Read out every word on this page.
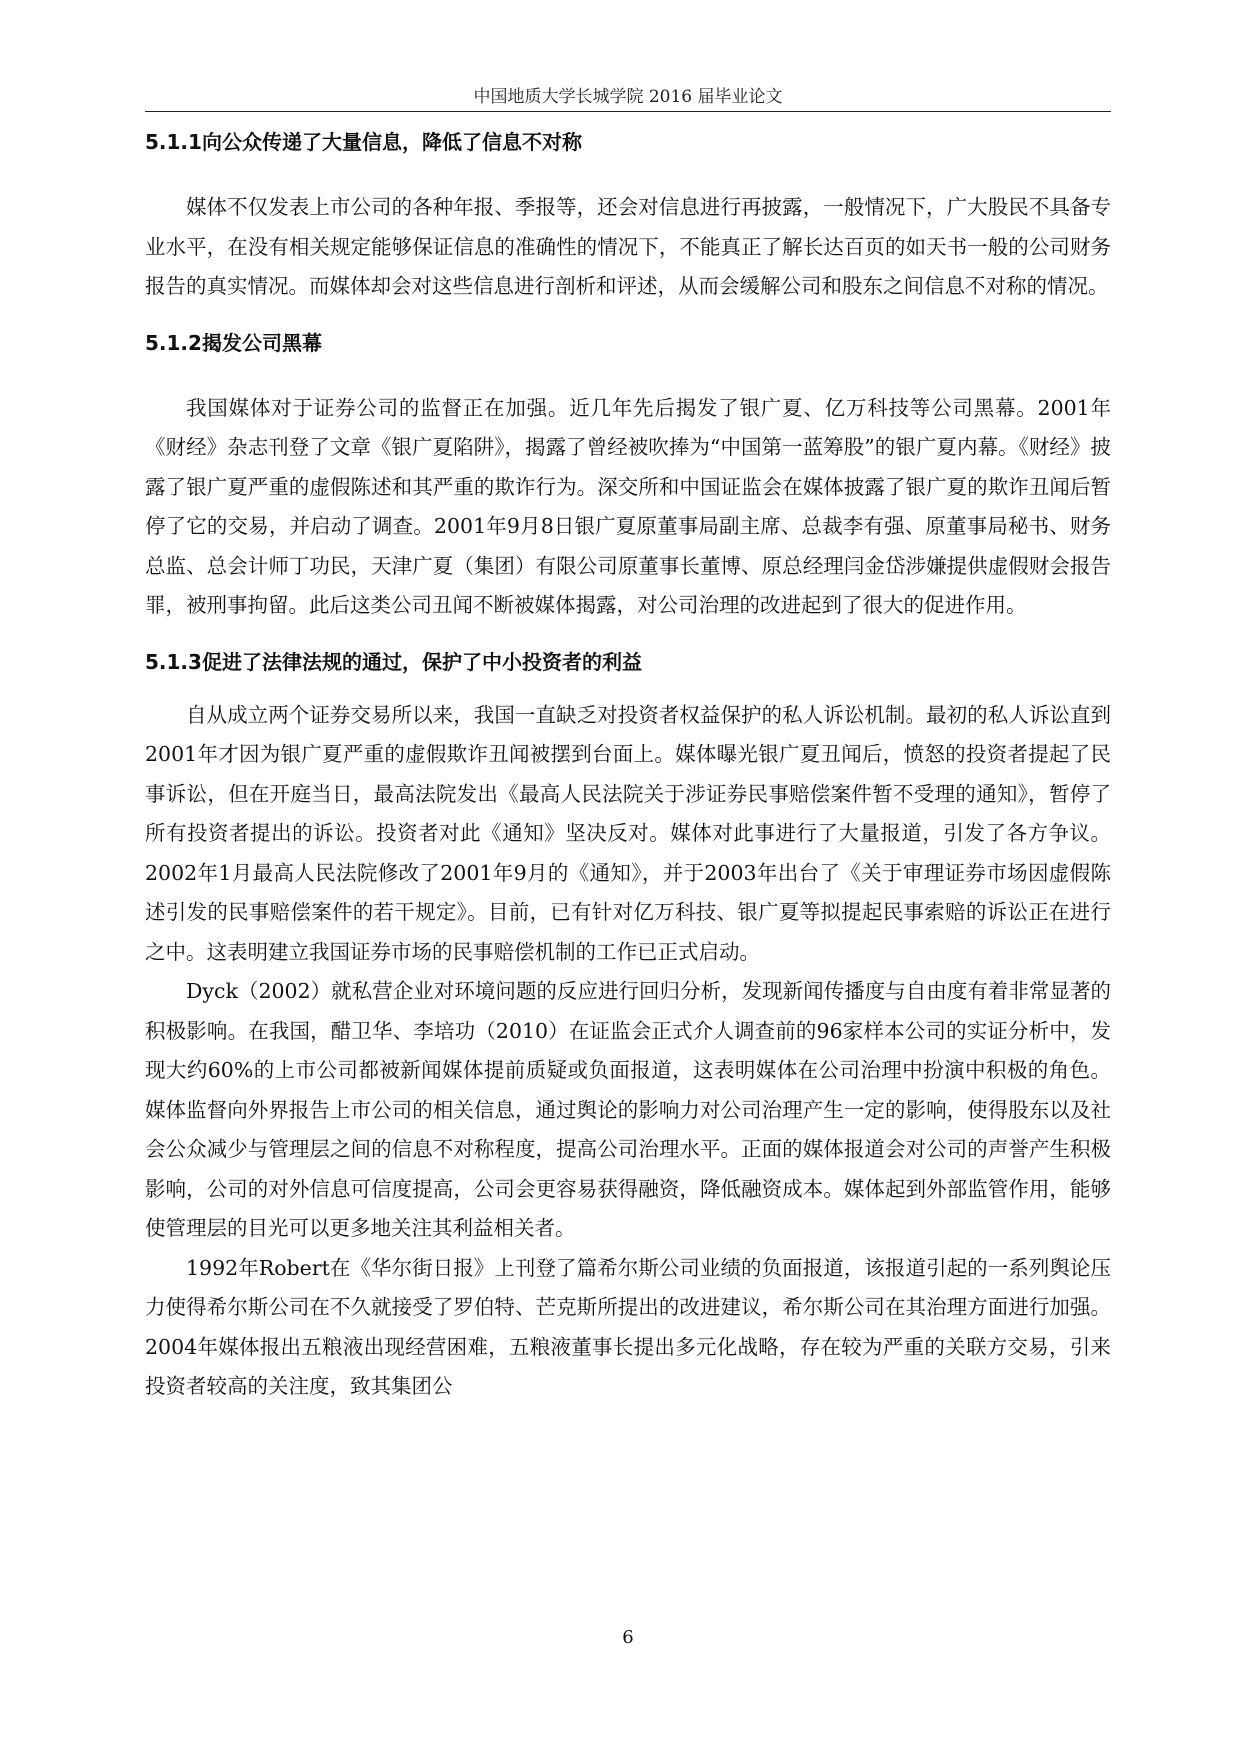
中国地质大学长城学院 2016 届毕业论文
5.1.1向公众传递了大量信息，降低了信息不对称

媒体不仅发表上市公司的各种年报、季报等，还会对信息进行再披露，一般情况下，广大股民不具备专业水平，在没有相关规定能够保证信息的准确性的情况下，不能真正了解长达百页的如天书一般的公司财务报告的真实情况。而媒体却会对这些信息进行剖析和评述，从而会缓解公司和股东之间信息不对称的情况。

5.1.2揭发公司黑幕

我国媒体对于证券公司的监督正在加强。近几年先后揭发了银广夏、亿万科技等公司黑幕。2001年《财经》杂志刊登了文章《银广夏陷阱》，揭露了曾经被吹捧为“中国第一蓝筹股”的银广夏内幕。《财经》披露了银广夏严重的虚假陈述和其严重的欺诈行为。深交所和中国证监会在媒体披露了银广夏的欺诈丑闻后暂停了它的交易，并启动了调查。2001年9月8日银广夏原董事局副主席、总裁李有强、原董事局秘书、财务总监、总会计师丁功民，天津广夏（集团）有限公司原董事长董博、原总经理闫金岱涉嫌提供虚假财会报告罪，被刑事拘留。此后这类公司丑闻不断被媒体揭露，对公司治理的改进起到了很大的促进作用。

5.1.3促进了法律法规的通过，保护了中小投资者的利益

自从成立两个证券交易所以来，我国一直缺乏对投资者权益保护的私人诉讼机制。最初的私人诉讼直到2001年才因为银广夏严重的虚假欺诈丑闻被摆到台面上。媒体曝光银广夏丑闻后，愤怒的投资者提起了民事诉讼，但在开庭当日，最高法院发出《最高人民法院关于涉证券民事赔偿案件暂不受理的通知》，暂停了所有投资者提出的诉讼。投资者对此《通知》坚决反对。媒体对此事进行了大量报道，引发了各方争议。2002年1月最高人民法院修改了2001年9月的《通知》，并于2003年出台了《关于审理证券市场因虚假陈述引发的民事赔偿案件的若干规定》。目前，已有针对亿万科技、银广夏等拟提起民事索赔的诉讼正在进行之中。这表明建立我国证券市场的民事赔偿机制的工作已正式启动。

Dyck（2002）就私营企业对环境问题的反应进行回归分析，发现新闻传播度与自由度有着非常显著的积极影响。在我国，醋卫华、李培功（2010）在证监会正式介人调查前的96家样本公司的实证分析中，发现大约60%的上市公司都被新闻媒体提前质疑或负面报道，这表明媒体在公司治理中扮演中积极的角色。媒体监督向外界报告上市公司的相关信息，通过舆论的影响力对公司治理产生一定的影响，使得股东以及社会公众减少与管理层之间的信息不对称程度，提高公司治理水平。正面的媒体报道会对公司的声誉产生积极影响，公司的对外信息可信度提高，公司会更容易获得融资，降低融资成本。媒体起到外部监管作用，能够使管理层的目光可以更多地关注其利益相关者。

1992年Robert在《华尔街日报》上刊登了篇希尔斯公司业绩的负面报道，该报道引起的一系列舆论压力使得希尔斯公司在不久就接受了罗伯特、芒克斯所提出的改进建议，希尔斯公司在其治理方面进行加强。2004年媒体报出五粮液出现经营困难，五粮液董事长提出多元化战略，存在较为严重的关联方交易，引来投资者较高的关注度，致其集团公

6
